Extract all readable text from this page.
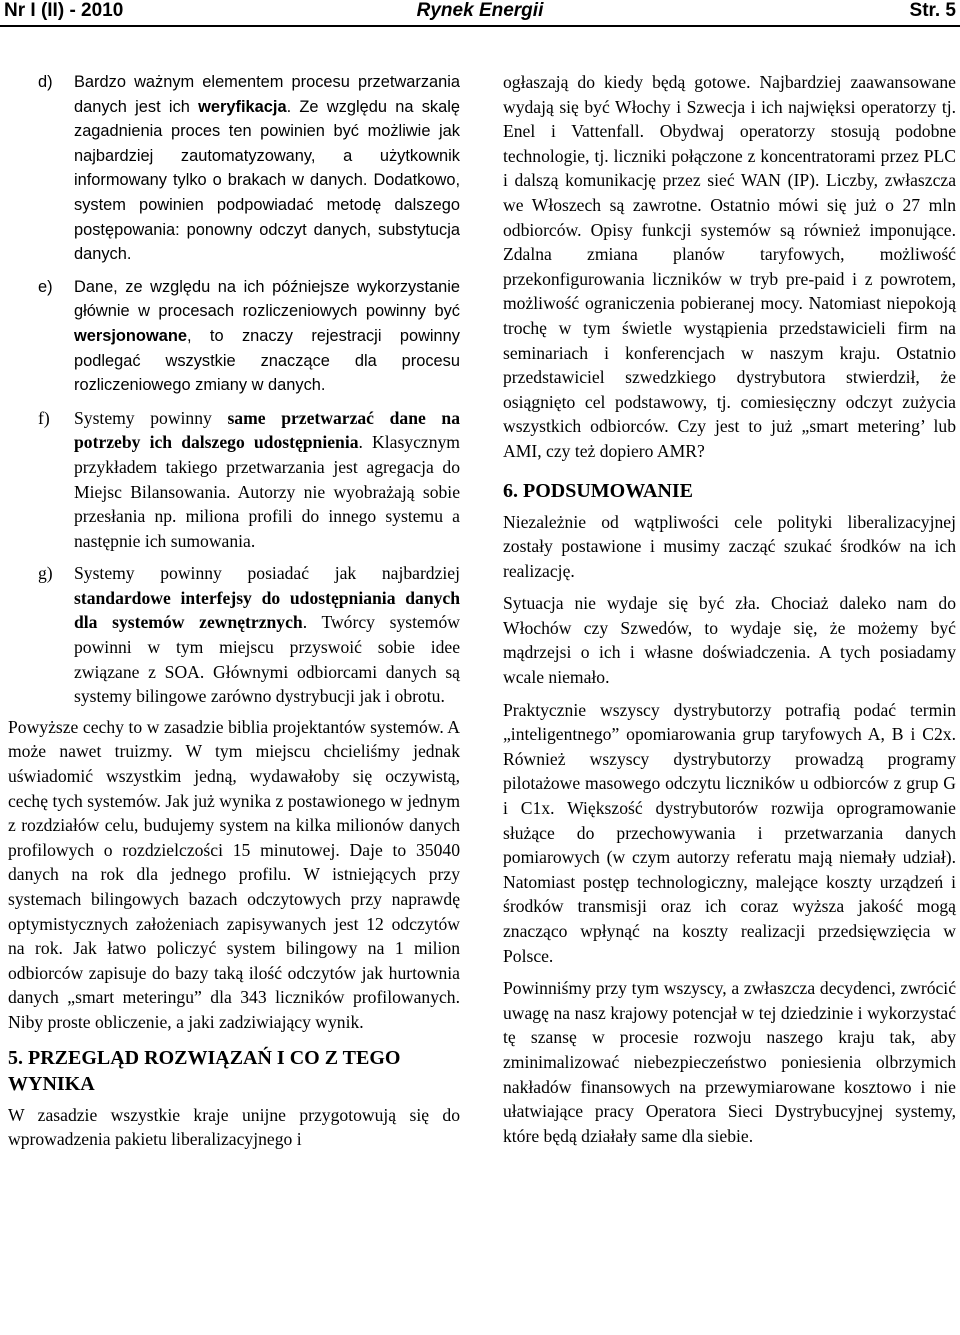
Nr I (II) - 2010	Rynek Energii	Str. 5

d) Bardzo ważnym elementem procesu przetwarzania danych jest ich weryfikacja. Ze względu na skalę zagadnienia proces ten powinien być możliwie jak najbardziej zautomatyzowany, a użytkownik informowany tylko o brakach w danych. Dodatkowo, system powinien podpowiadać metodę dalszego postępowania: ponowny odczyt danych, substytucja danych.

e) Dane, ze względu na ich późniejsze wykorzystanie głównie w procesach rozliczeniowych powinny być wersjonowane, to znaczy rejestracji powinny podlegać wszystkie znaczące dla procesu rozliczeniowego zmiany w danych.

f) Systemy powinny same przetwarzać dane na potrzeby ich dalszego udostępnienia. Klasycznym przykładem takiego przetwarzania jest agregacja do Miejsc Bilansowania. Autorzy nie wyobrażają sobie przesłania np. miliona profili do innego systemu a następnie ich sumowania.

g) Systemy powinny posiadać jak najbardziej standardowe interfejsy do udostępniania danych dla systemów zewnętrznych. Twórcy systemów powinni w tym miejscu przyswoić sobie idee związane z SOA. Głównymi odbiorcami danych są systemy bilingowe zarówno dystrybucji jak i obrotu.

Powyższe cechy to w zasadzie biblia projektantów systemów. A może nawet truizmy. W tym miejscu chcieliśmy jednak uświadomić wszystkim jedną, wydawałoby się oczywistą, cechę tych systemów. Jak już wynika z postawionego w jednym z rozdziałów celu, budujemy system na kilka milionów danych profilowych o rozdzielczości 15 minutowej. Daje to 35040 danych na rok dla jednego profilu. W istniejących przy systemach bilingowych bazach odczytowych przy naprawdę optymistycznych założeniach zapisywanych jest 12 odczytów na rok. Jak łatwo policzyć system bilingowy na 1 milion odbiorców zapisuje do bazy taką ilość odczytów jak hurtownia danych „smart meteringu” dla 343 liczników profilowanych. Niby proste obliczenie, a jaki zadziwiający wynik.

5. PRZEGLĄD ROZWIĄZAŃ I CO Z TEGO WYNIKA

W zasadzie wszystkie kraje unijne przygotowują się do wprowadzenia pakietu liberalizacyjnego i

ogłaszają do kiedy będą gotowe. Najbardziej zaawansowane wydają się być Włochy i Szwecja i ich najwięksi operatorzy tj. Enel i Vattenfall. Obydwaj operatorzy stosują podobne technologie, tj. liczniki połączone z koncentratorami przez PLC i dalszą komunikację przez sieć WAN (IP). Liczby, zwłaszcza we Włoszech są zawrotne. Ostatnio mówi się już o 27 mln odbiorców. Opisy funkcji systemów są również imponujące. Zdalna zmiana planów taryfowych, możliwość przekonfigurowania liczników w tryb pre-paid i z powrotem, możliwość ograniczenia pobieranej mocy. Natomiast niepokoją trochę w tym świetle wystąpienia przedstawicieli firm na seminariach i konferencjach w naszym kraju. Ostatnio przedstawiciel szwedzkiego dystrybutora stwierdził, że osiągnięto cel podstawowy, tj. comiesięczny odczyt zużycia wszystkich odbiorców. Czy jest to już „smart metering’ lub AMI, czy też dopiero AMR?

6. PODSUMOWANIE

Niezależnie od wątpliwości cele polityki liberalizacyjnej zostały postawione i musimy zacząć szukać środków na ich realizację.

Sytuacja nie wydaje się być zła. Chociaż daleko nam do Włochów czy Szwedów, to wydaje się, że możemy być mądrzejsi o ich i własne doświadczenia. A tych posiadamy wcale niemało.

Praktycznie wszyscy dystrybutorzy potrafią podać termin „inteligentnego” opomiarowania grup taryfowych A, B i C2x. Również wszyscy dystrybutorzy prowadzą programy pilotażowe masowego odczytu liczników u odbiorców z grup G i C1x. Większość dystrybutorów rozwija oprogramowanie służące do przechowywania i przetwarzania danych pomiarowych (w czym autorzy referatu mają niemały udział). Natomiast postęp technologiczny, malejące koszty urządzeń i środków transmisji oraz ich coraz wyższa jakość mogą znacząco wpłynąć na koszty realizacji przedsięwzięcia w Polsce.

Powinniśmy przy tym wszyscy, a zwłaszcza decydenci, zwrócić uwagę na nasz krajowy potencjał w tej dziedzinie i wykorzystać tę szansę w procesie rozwoju naszego kraju tak, aby zminimalizować niebezpieczeństwo poniesienia olbrzymich nakładów finansowych na przewymiarowane kosztowo i nie ułatwiające pracy Operatora Sieci Dystrybucyjnej systemy, które będą działały same dla siebie.
